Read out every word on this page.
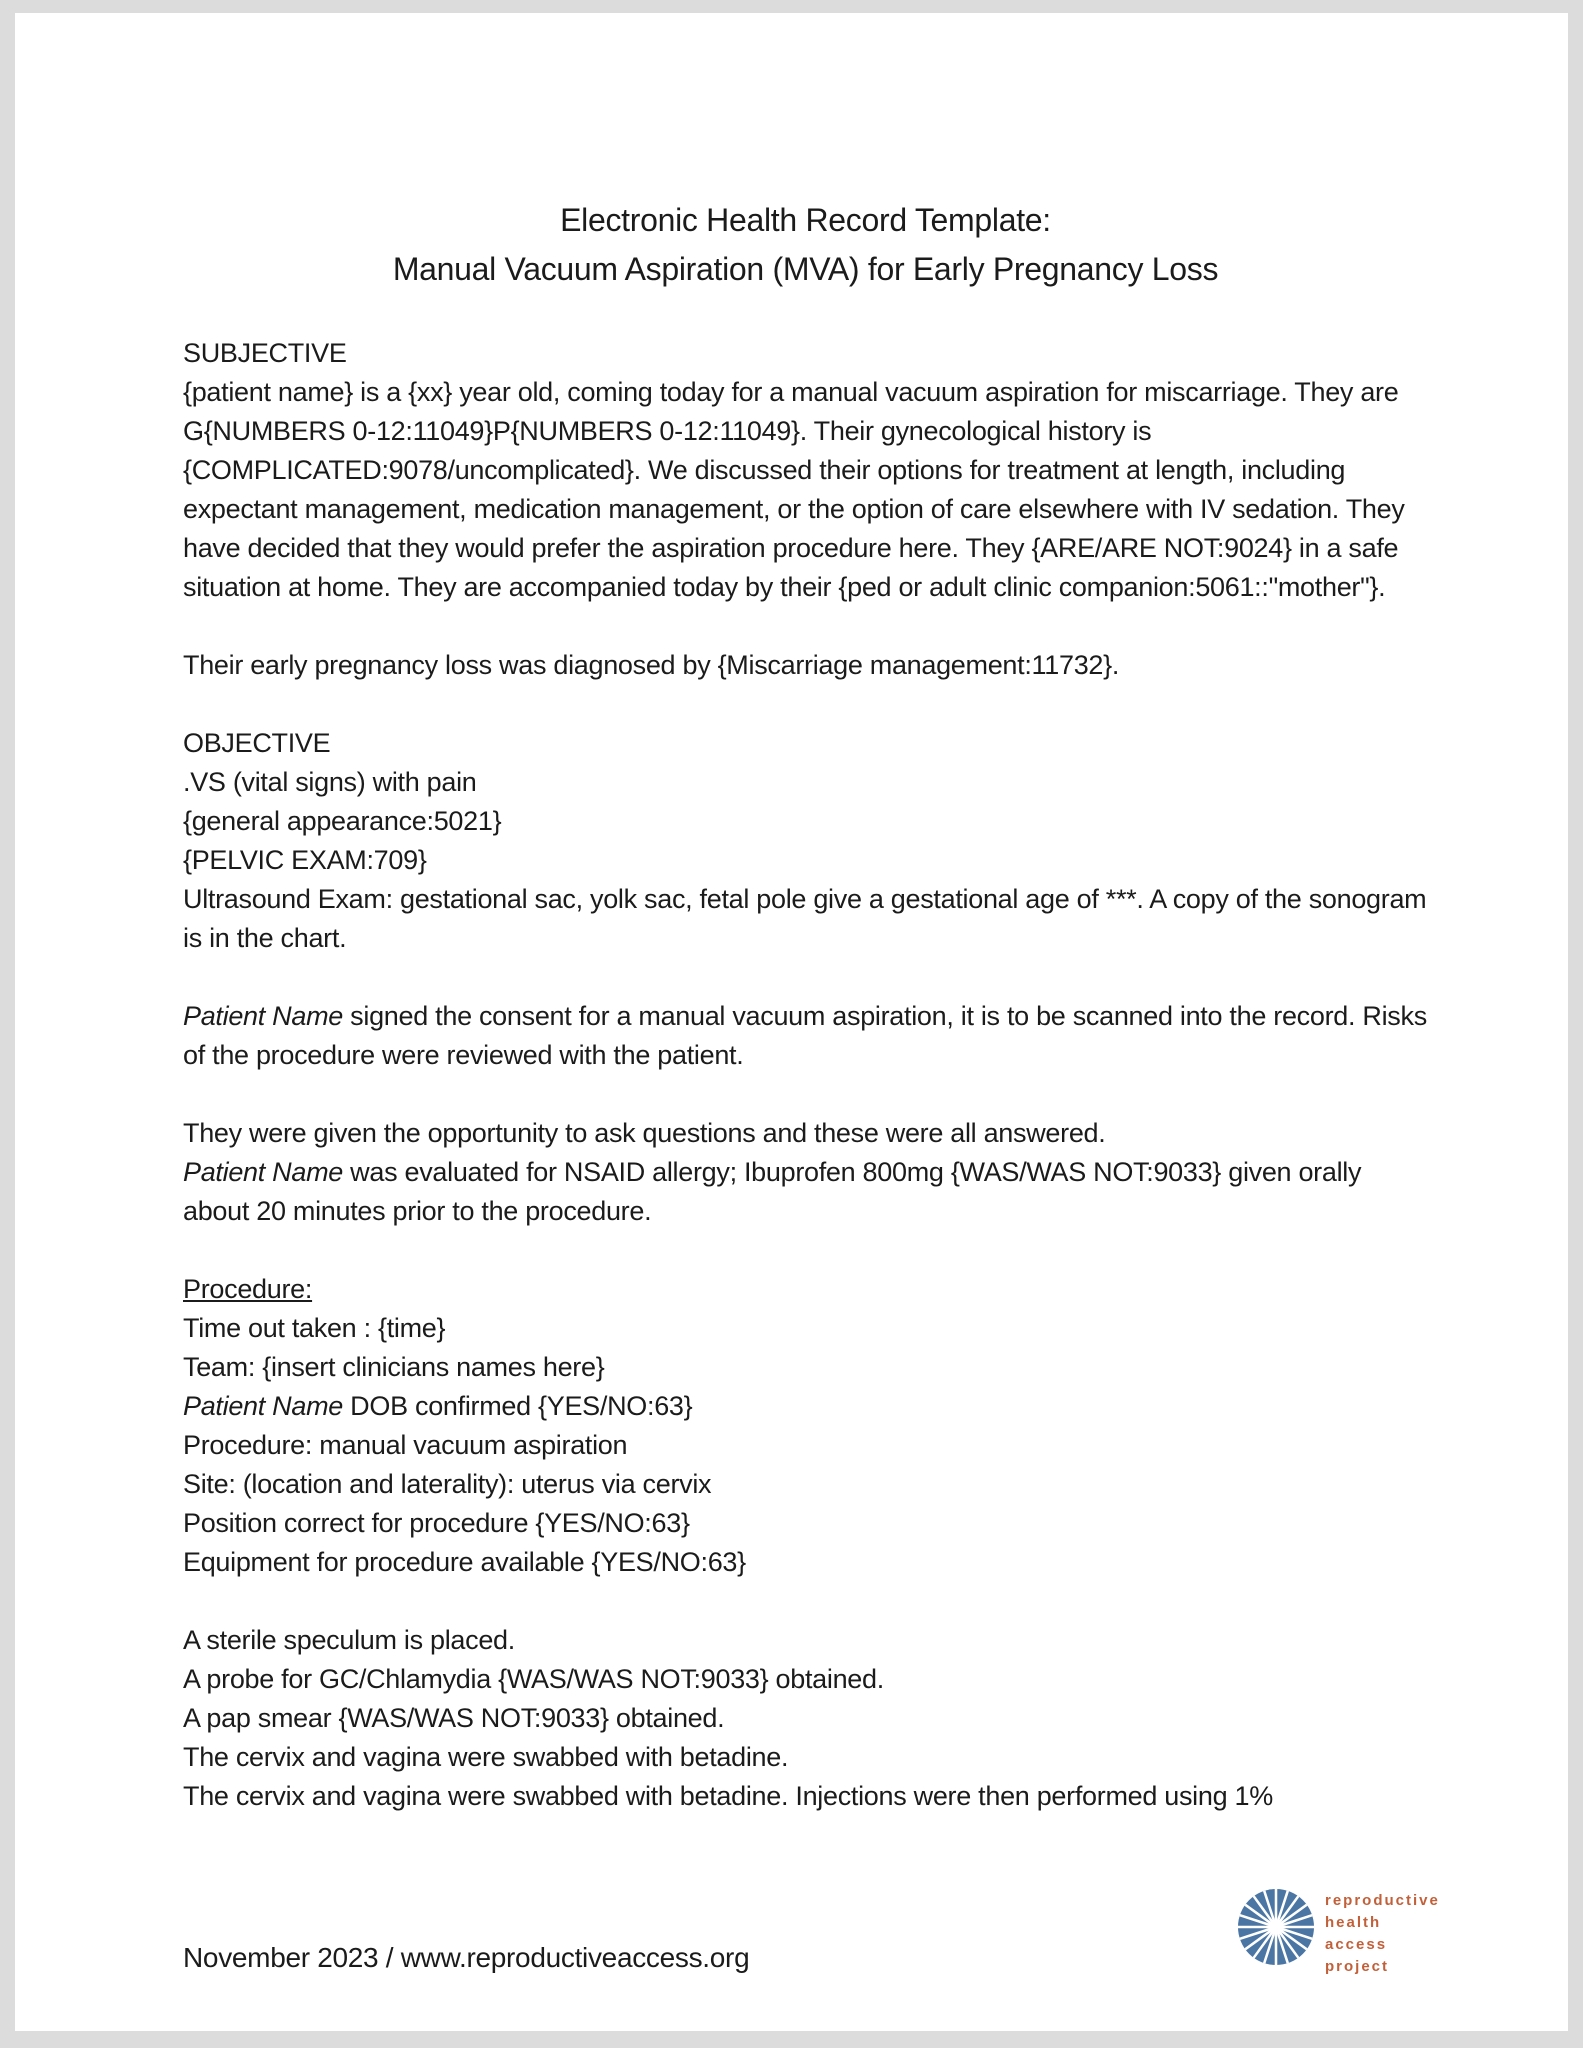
Electronic Health Record Template:
Manual Vacuum Aspiration (MVA) for Early Pregnancy Loss
SUBJECTIVE

{patient name} is a {xx} year old, coming today for a manual vacuum aspiration for miscarriage. They are G{NUMBERS 0-12:11049}P{NUMBERS 0-12:11049}. Their gynecological history is {COMPLICATED:9078/uncomplicated}. We discussed their options for treatment at length, including expectant management, medication management, or the option of care elsewhere with IV sedation. They have decided that they would prefer the aspiration procedure here. They {ARE/ARE NOT:9024} in a safe situation at home. They are accompanied today by their {ped or adult clinic companion:5061::"mother"}.

Their early pregnancy loss was diagnosed by {Miscarriage management:11732}.

OBJECTIVE
.VS (vital signs) with pain
{general appearance:5021}
{PELVIC EXAM:709}
Ultrasound Exam: gestational sac, yolk sac, fetal pole give a gestational age of ***. A copy of the sonogram is in the chart.

Patient Name signed the consent for a manual vacuum aspiration, it is to be scanned into the record. Risks of the procedure were reviewed with the patient.

They were given the opportunity to ask questions and these were all answered.
Patient Name was evaluated for NSAID allergy; Ibuprofen 800mg {WAS/WAS NOT:9033} given orally about 20 minutes prior to the procedure.
Procedure:
Time out taken : {time}
Team: {insert clinicians names here}
Patient Name DOB confirmed {YES/NO:63}
Procedure: manual vacuum aspiration
Site: (location and laterality): uterus via cervix
Position correct for procedure {YES/NO:63}
Equipment for procedure available {YES/NO:63}
A sterile speculum is placed.
A probe for GC/Chlamydia {WAS/WAS NOT:9033} obtained.
A pap smear {WAS/WAS NOT:9033} obtained.
The cervix and vagina were swabbed with betadine.
The cervix and vagina were swabbed with betadine. Injections were then performed using 1%
November 2023 / www.reproductiveaccess.org
reproductive
health
access
project
